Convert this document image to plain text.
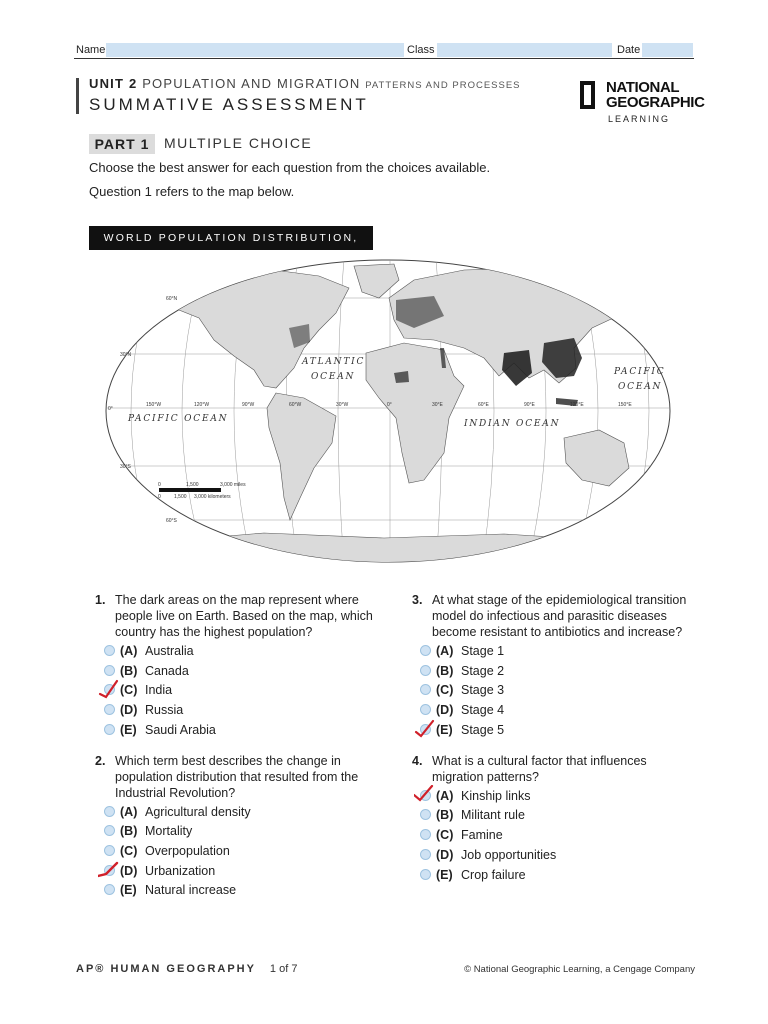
Name	Class	Date
UNIT 2 POPULATION AND MIGRATION PATTERNS AND PROCESSES
SUMMATIVE ASSESSMENT
NATIONAL
GEOGRAPHIC
LEARNING
PART 1	MULTIPLE CHOICE
Choose the best answer for each question from the choices available.
Question 1 refers to the map below.
WORLD POPULATION DISTRIBUTION, 2016
ATLANTIC
OCEAN
PACIFIC OCEAN
PACIFIC
OCEAN
INDIAN OCEAN
60°N
30°N
0°
30°S
60°S
150°W	120°W	90°W	60°W	30°W	0°	30°E	60°E	90°E	120°E	150°E
0	1,500	3,000 miles
0	1,500 3,000 kilometers
1. The dark areas on the map represent where people live on Earth. Based on the map, which country has the highest population?
(A) Australia
(B) Canada
(C) India
(D) Russia
(E) Saudi Arabia
2. Which term best describes the change in population distribution that resulted from the Industrial Revolution?
(A) Agricultural density
(B) Mortality
(C) Overpopulation
(D) Urbanization
(E) Natural increase
3. At what stage of the epidemiological transition model do infectious and parasitic diseases become resistant to antibiotics and increase?
(A) Stage 1
(B) Stage 2
(C) Stage 3
(D) Stage 4
(E) Stage 5
4. What is a cultural factor that influences migration patterns?
(A) Kinship links
(B) Militant rule
(C) Famine
(D) Job opportunities
(E) Crop failure
AP® HUMAN GEOGRAPHY 1 of 7	© National Geographic Learning, a Cengage Company
